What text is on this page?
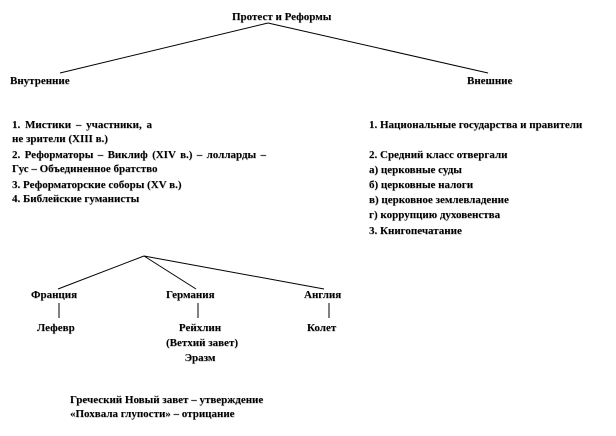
Протест и Реформы
Внутренние	Внешние
1. Мистики – участники, а не зрители (XIII в.)
2. Реформаторы – Виклиф (XIV в.) – лолларды – Гус – Объединенное братство
3. Реформаторские соборы (XV в.)
4. Библейские гуманисты
1. Национальные государства и правители
2. Средний класс отвергали
а) церковные суды
б) церковные налоги
в) церковное землевладение
г) коррупцию духовенства
3. Книгопечатание
Франция	Германия	Англия
Лефевр	Рейхлин
(Ветхий завет)
Эразм
Колет
Греческий Новый завет – утверждение
«Похвала глупости» – отрицание
